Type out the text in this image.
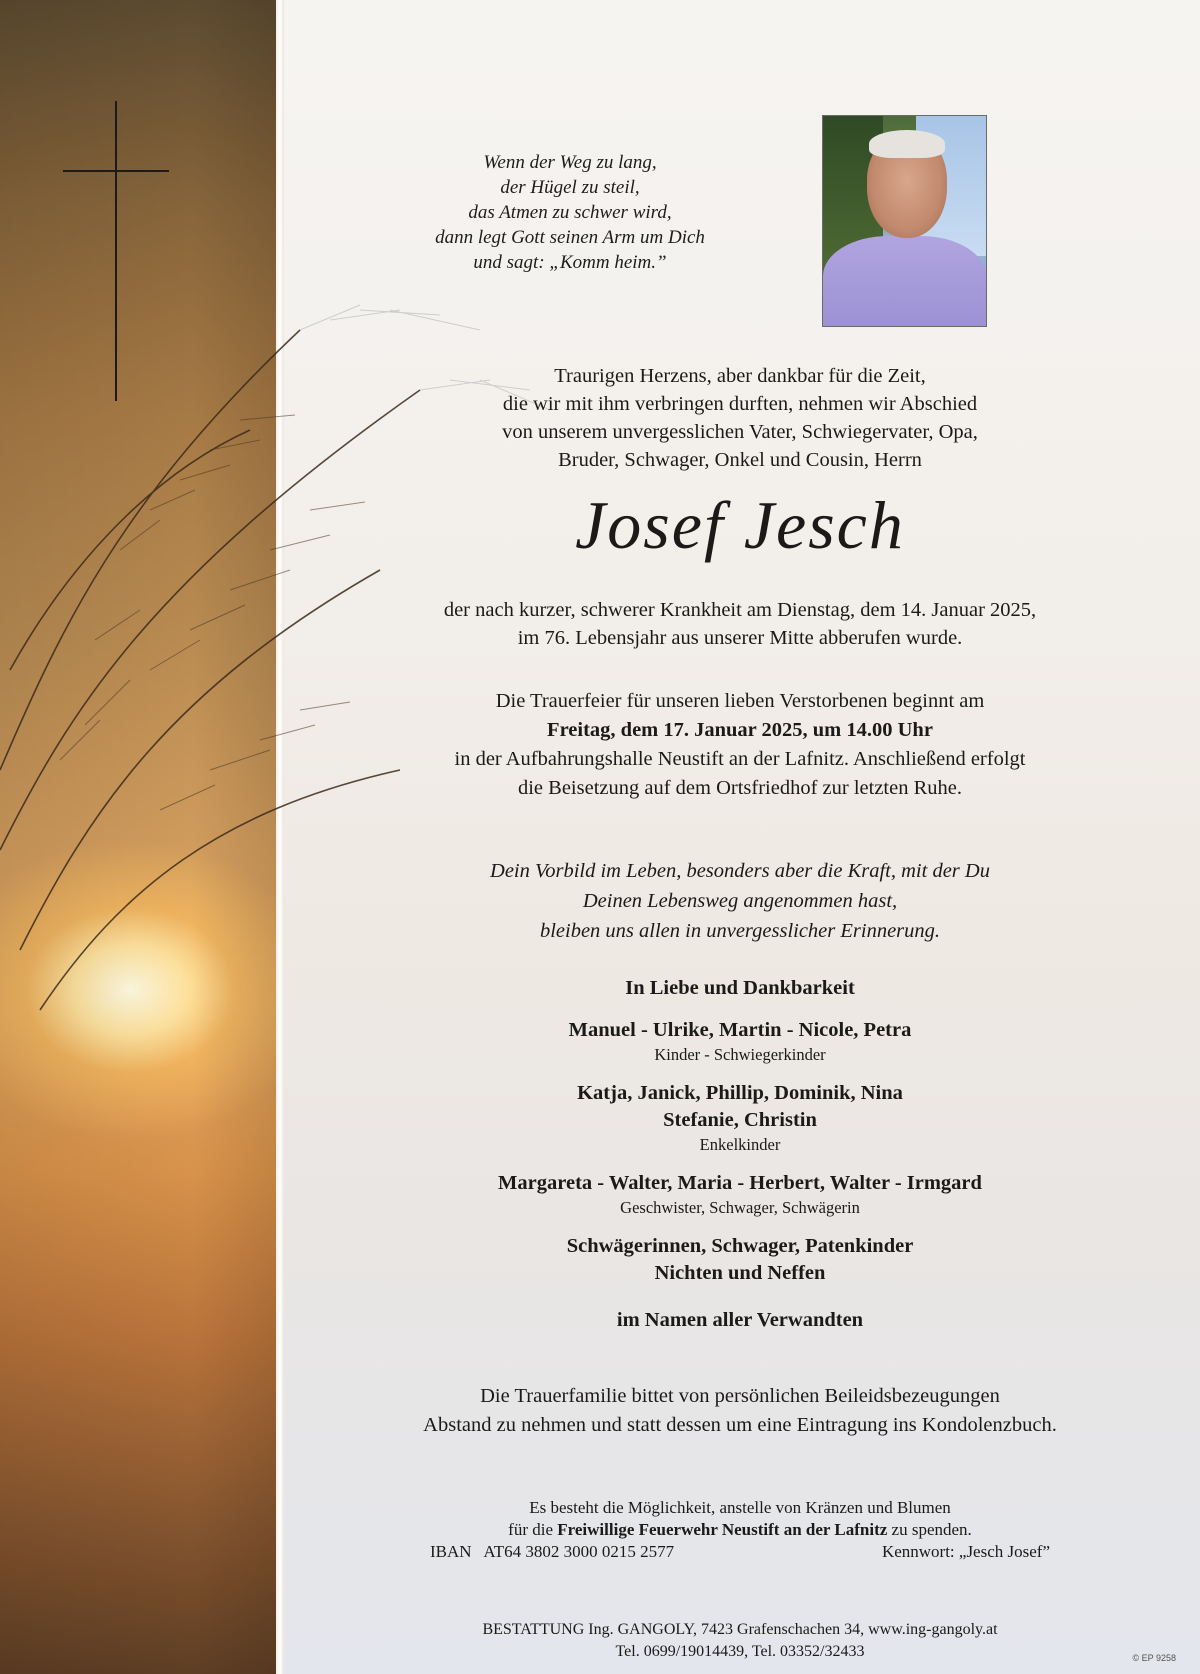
Wenn der Weg zu lang,
der Hügel zu steil,
das Atmen zu schwer wird,
dann legt Gott seinen Arm um Dich
und sagt: „Komm heim.”
Traurigen Herzens, aber dankbar für die Zeit,
die wir mit ihm verbringen durften, nehmen wir Abschied
von unserem unvergesslichen Vater, Schwiegervater, Opa,
Bruder, Schwager, Onkel und Cousin, Herrn
Josef Jesch
der nach kurzer, schwerer Krankheit am Dienstag, dem 14. Januar 2025,
im 76. Lebensjahr aus unserer Mitte abberufen wurde.
Die Trauerfeier für unseren lieben Verstorbenen beginnt am
Freitag, dem 17. Januar 2025, um 14.00 Uhr
in der Aufbahrungshalle Neustift an der Lafnitz. Anschließend erfolgt
die Beisetzung auf dem Ortsfriedhof zur letzten Ruhe.
Dein Vorbild im Leben, besonders aber die Kraft, mit der Du
Deinen Lebensweg angenommen hast,
bleiben uns allen in unvergesslicher Erinnerung.
In Liebe und Dankbarkeit
Manuel - Ulrike, Martin - Nicole, Petra
Kinder - Schwiegerkinder
Katja, Janick, Phillip, Dominik, Nina
Stefanie, Christin
Enkelkinder
Margareta - Walter, Maria - Herbert, Walter - Irmgard
Geschwister, Schwager, Schwägerin
Schwägerinnen, Schwager, Patenkinder
Nichten und Neffen
im Namen aller Verwandten
Die Trauerfamilie bittet von persönlichen Beileidsbezeugungen
Abstand zu nehmen und statt dessen um eine Eintragung ins Kondolenzbuch.
Es besteht die Möglichkeit, anstelle von Kränzen und Blumen
für die Freiwillige Feuerwehr Neustift an der Lafnitz zu spenden.
IBAN   AT64 3802 3000 0215 2577	Kennwort: „Jesch Josef”
BESTATTUNG Ing. GANGOLY, 7423 Grafenschachen 34, www.ing-gangoly.at
Tel. 0699/19014439, Tel. 03352/32433	© EP 9258
